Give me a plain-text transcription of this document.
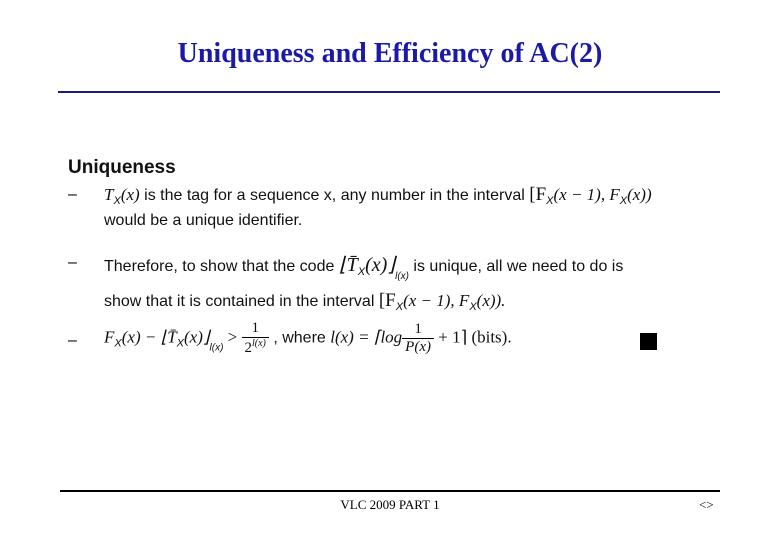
Uniqueness and Efficiency of AC(2)
Uniqueness
– $T_X(x)$ is the tag for a sequence x, any number in the interval [$F_X(x - 1)$, $F_X(x)$)
would be a unique identifier.
– Therefore, to show that the code $⌊T̄_X(x)⌋_{l(x)}$ is unique, all we need to do is
show that it is contained in the interval [$F_X(x - 1)$, $F_X(x)$).
– $F_X(x)$ − $⌊T̄_X(x)⌋_{l(x)} > \frac{1}{2^{l(x)}}$ , where l(x) = ⌈log $\frac{1}{P(x)}$ + 1⌉ (bits).
VLC 2009 PART 1	<>
